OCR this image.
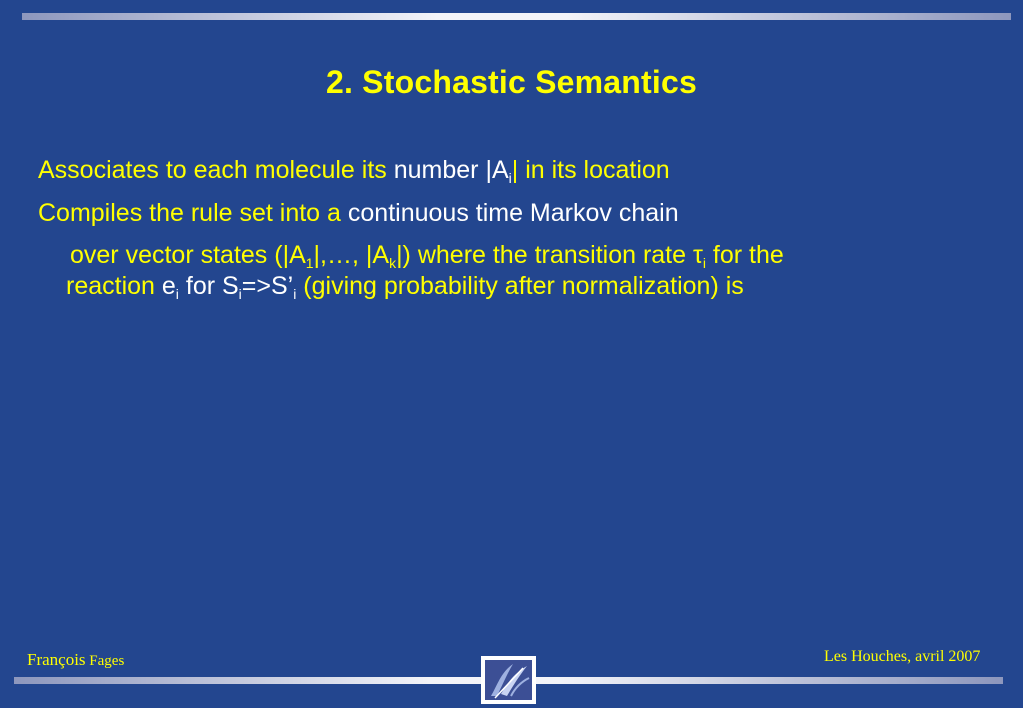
2. Stochastic Semantics
Associates to each molecule its number $|A_i|$ in its location
Compiles the rule set into a continuous time Markov chain
over vector states ($|A_1|,\dots$, $|A_k|$) where the transition rate $\tau_i$ for the
reaction $e_i$ for $S_i=>S’_i$ (giving probability after normalization) is
François Fages	Les Houches, avril 2007
